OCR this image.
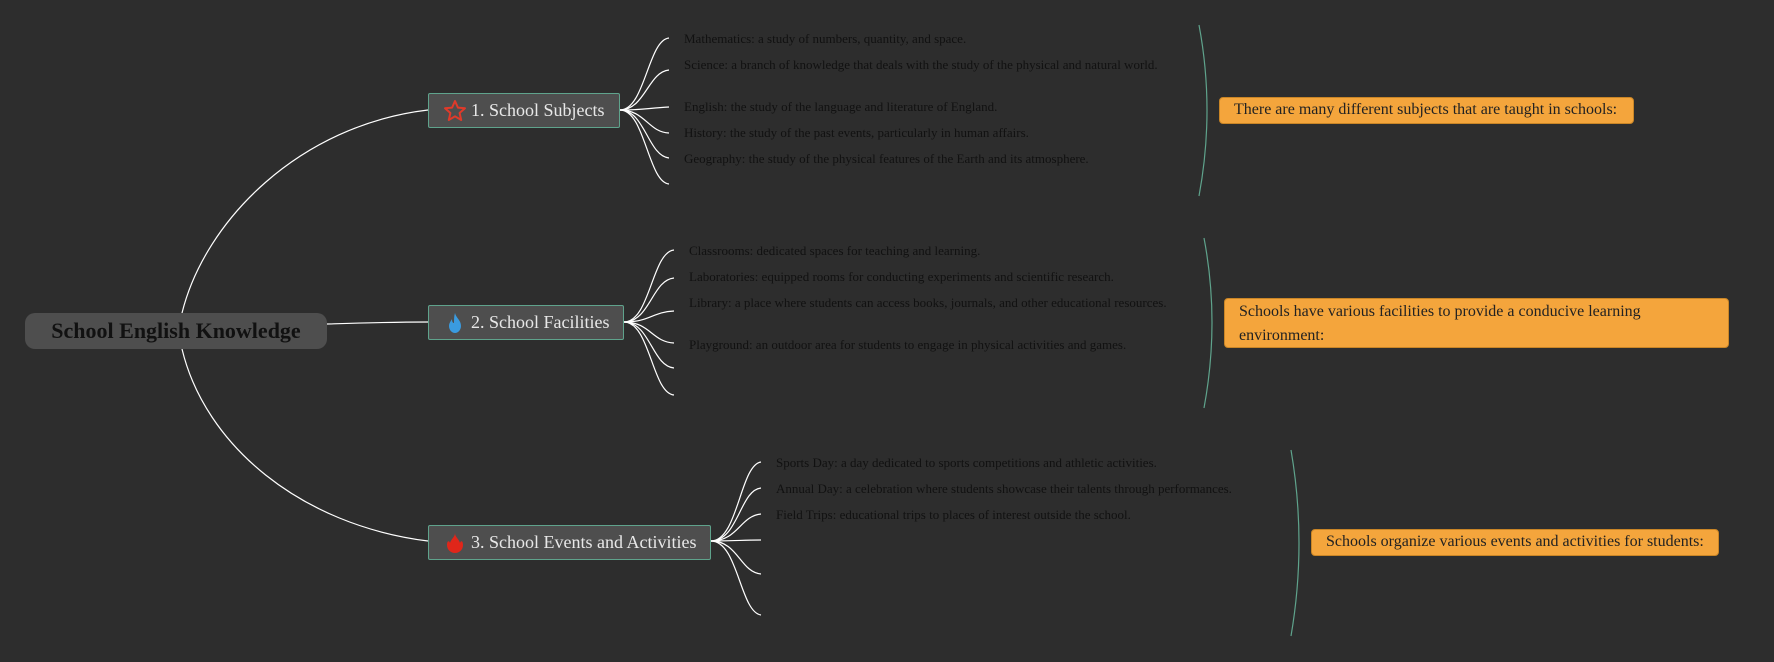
School English Knowledge
1. School Subjects
Mathematics: a study of numbers, quantity, and space.
Science: a branch of knowledge that deals with the study of the physical and natural world.
English: the study of the language and literature of England.
History: the study of the past events, particularly in human affairs.
Geography: the study of the physical features of the Earth and its atmosphere.
There are many different subjects that are taught in schools:
2. School Facilities
Classrooms: dedicated spaces for teaching and learning.
Laboratories: equipped rooms for conducting experiments and scientific research.
Library: a place where students can access books, journals, and other educational resources.
Playground: an outdoor area for students to engage in physical activities and games.
Schools have various facilities to provide a conducive learning environment:
3. School Events and Activities
Sports Day: a day dedicated to sports competitions and athletic activities.
Annual Day: a celebration where students showcase their talents through performances.
Field Trips: educational trips to places of interest outside the school.
Schools organize various events and activities for students:
